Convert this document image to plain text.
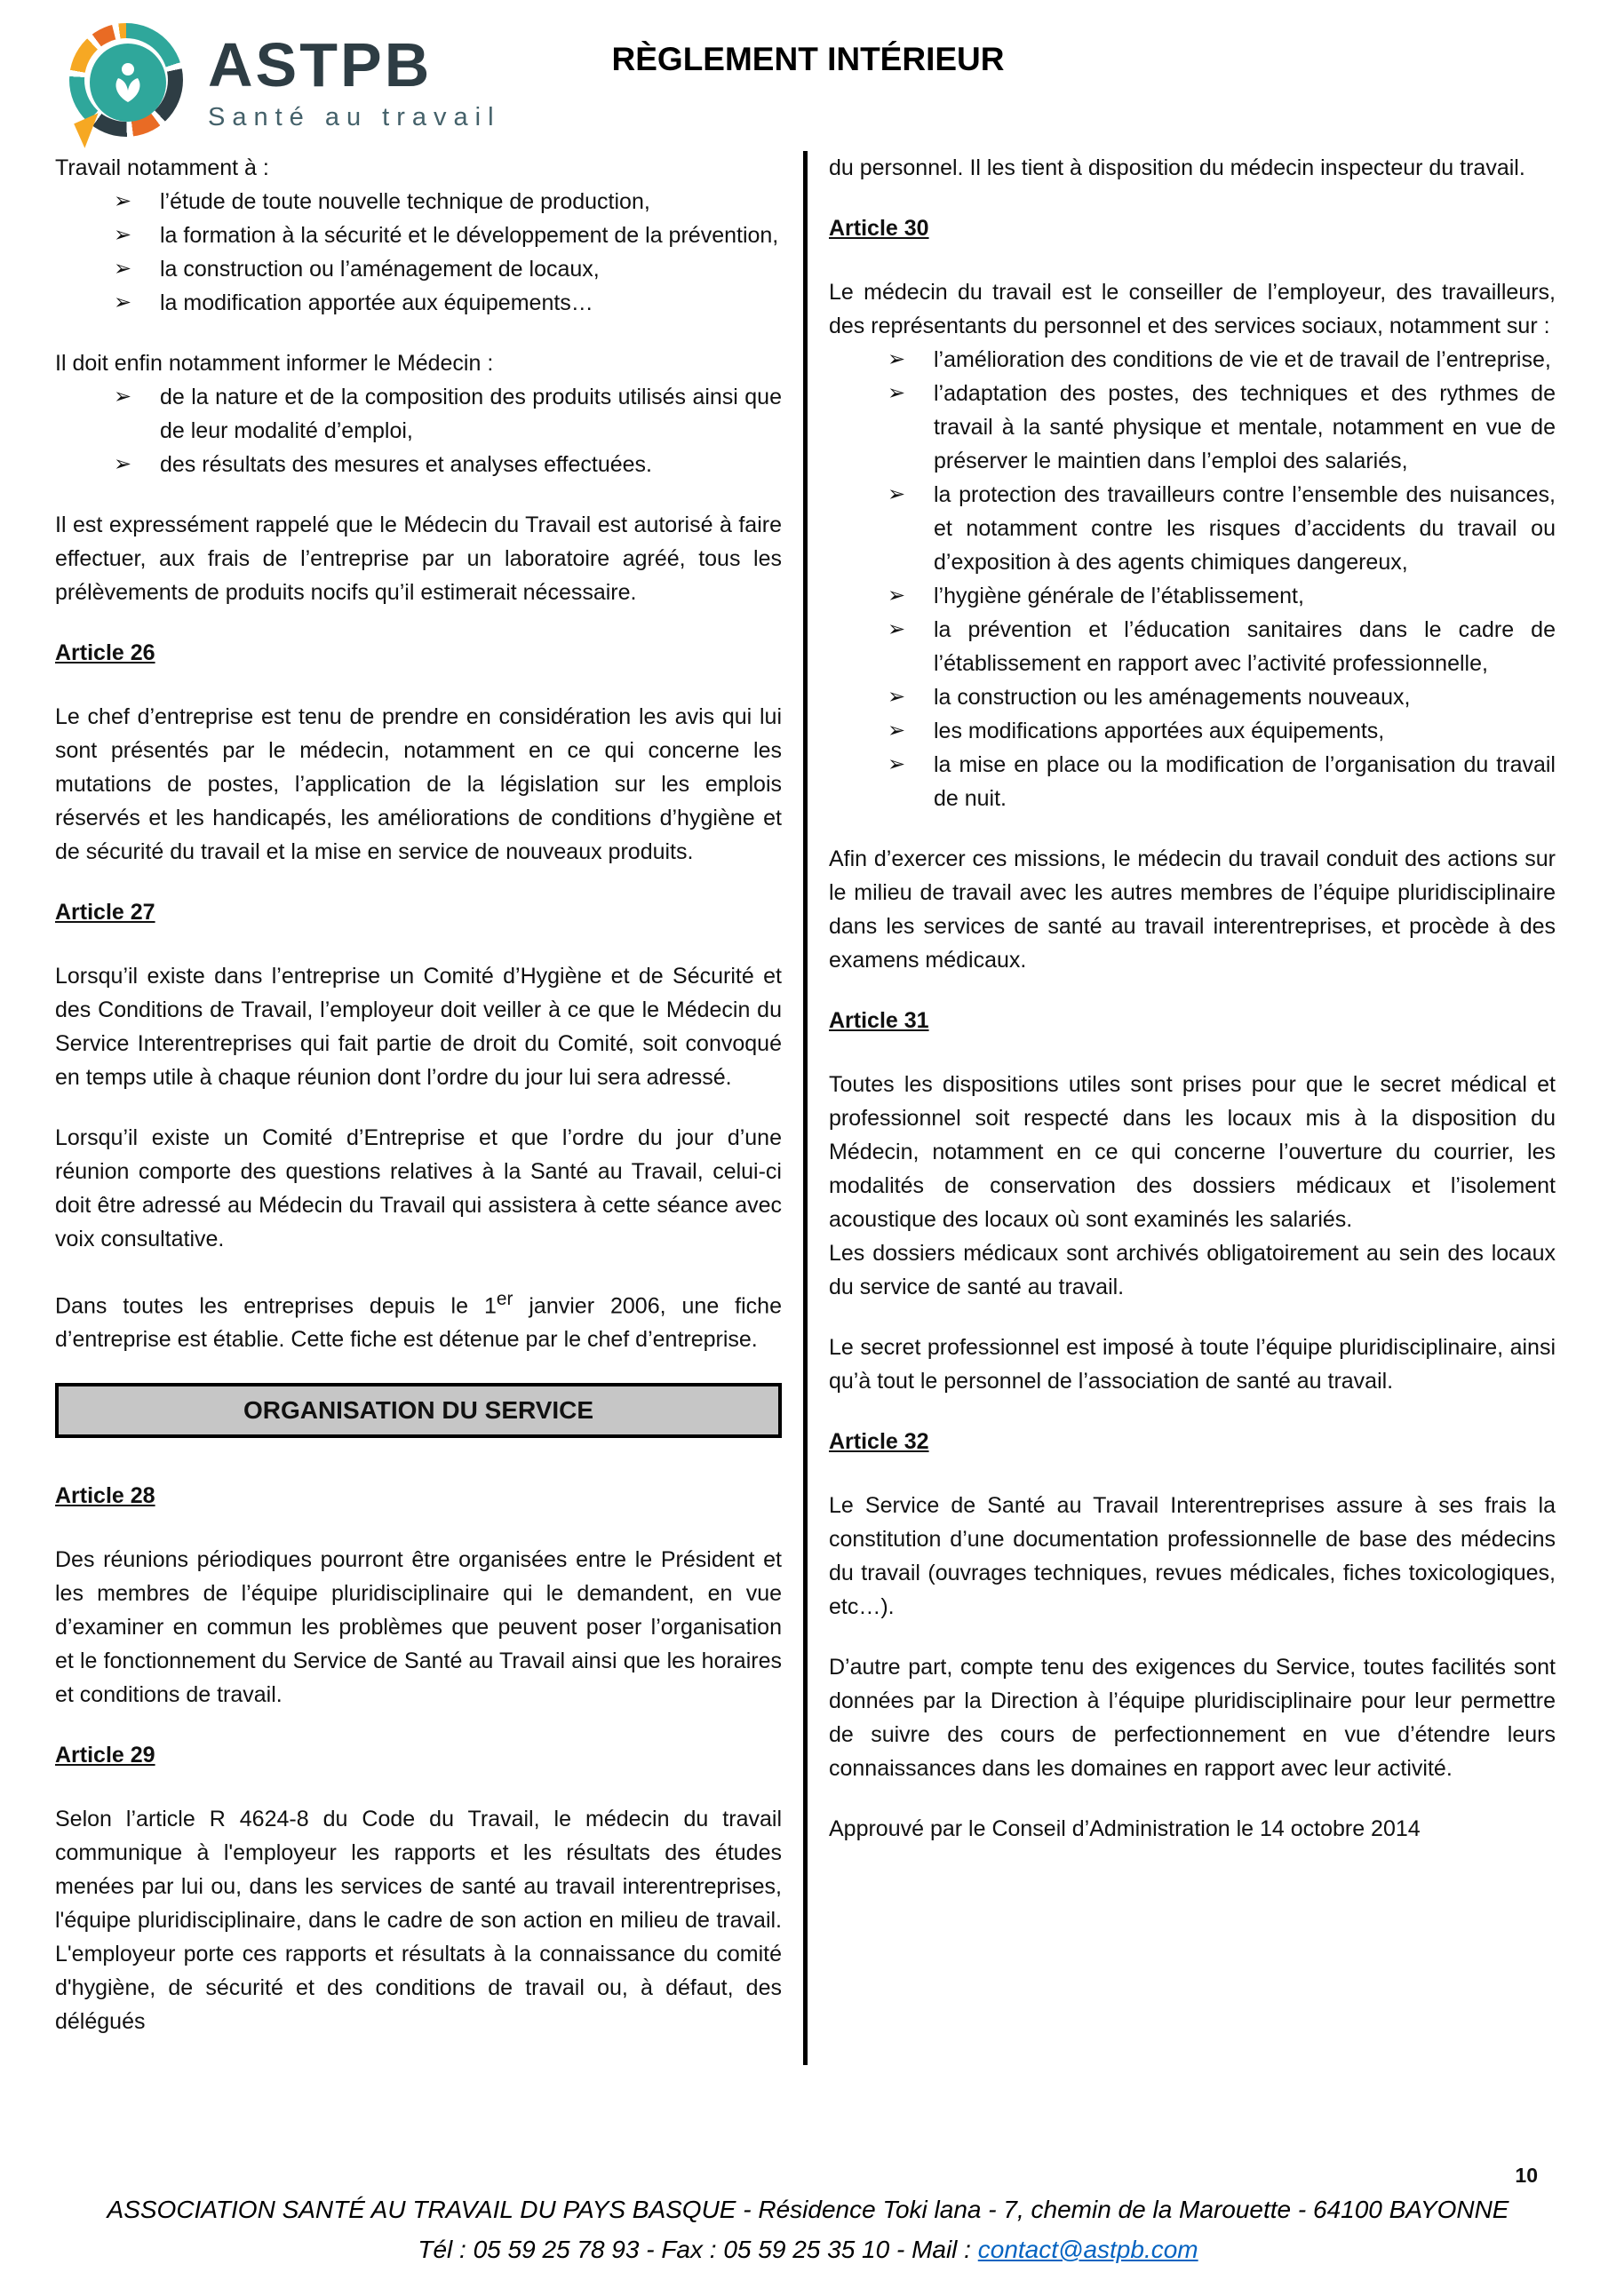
ASTPB
Santé au travail
RÈGLEMENT INTÉRIEUR

Travail notamment à :

➢ l’étude de toute nouvelle technique de production,
➢ la formation à la sécurité et le développement de la prévention,
➢ la construction ou l’aménagement de locaux,
➢ la modification apportée aux équipements…

Il doit enfin notamment informer le Médecin :

➢ de la nature et de la composition des produits utilisés ainsi que de leur modalité d’emploi,
➢ des résultats des mesures et analyses effectuées.

Il est expressément rappelé que le Médecin du Travail est autorisé à faire effectuer, aux frais de l’entreprise par un laboratoire agréé, tous les prélèvements de produits nocifs qu’il estimerait nécessaire.

Article 26

Le chef d’entreprise est tenu de prendre en considération les avis qui lui sont présentés par le médecin, notamment en ce qui concerne les mutations de postes, l’application de la législation sur les emplois réservés et les handicapés, les améliorations de conditions d’hygiène et de sécurité du travail et la mise en service de nouveaux produits.

Article 27

Lorsqu’il existe dans l’entreprise un Comité d’Hygiène et de Sécurité et des Conditions de Travail, l’employeur doit veiller à ce que le Médecin du Service Interentreprises qui fait partie de droit du Comité, soit convoqué en temps utile à chaque réunion dont l’ordre du jour lui sera adressé.

Lorsqu’il existe un Comité d’Entreprise et que l’ordre du jour d’une réunion comporte des questions relatives à la Santé au Travail, celui-ci doit être adressé au Médecin du Travail qui assistera à cette séance avec voix consultative.

Dans toutes les entreprises depuis le 1er janvier 2006, une fiche d’entreprise est établie. Cette fiche est détenue par le chef d’entreprise.

ORGANISATION DU SERVICE
Article 28

Des réunions périodiques pourront être organisées entre le Président et les membres de l’équipe pluridisciplinaire qui le demandent, en vue d’examiner en commun les problèmes que peuvent poser l’organisation et le fonctionnement du Service de Santé au Travail ainsi que les horaires et conditions de travail.

Article 29

Selon l’article R 4624-8 du Code du Travail, le médecin du travail communique à l'employeur les rapports et les résultats des études menées par lui ou, dans les services de santé au travail interentreprises, l'équipe pluridisciplinaire, dans le cadre de son action en milieu de travail. L'employeur porte ces rapports et résultats à la connaissance du comité d'hygiène, de sécurité et des conditions de travail ou, à défaut, des délégués

du personnel. Il les tient à disposition du médecin inspecteur du travail.

Article 30

Le médecin du travail est le conseiller de l’employeur, des travailleurs, des représentants du personnel et des services sociaux, notamment sur :

➢ l’amélioration des conditions de vie et de travail de l’entreprise,
➢ l’adaptation des postes, des techniques et des rythmes de travail à la santé physique et mentale, notamment en vue de préserver le maintien dans l’emploi des salariés,
➢ la protection des travailleurs contre l’ensemble des nuisances, et notamment contre les risques d’accidents du travail ou d’exposition à des agents chimiques dangereux,
➢ l’hygiène générale de l’établissement,
➢ la prévention et l’éducation sanitaires dans le cadre de l’établissement en rapport avec l’activité professionnelle,
➢ la construction ou les aménagements nouveaux,
➢ les modifications apportées aux équipements,
➢ la mise en place ou la modification de l’organisation du travail de nuit.

Afin d’exercer ces missions, le médecin du travail conduit des actions sur le milieu de travail avec les autres membres de l’équipe pluridisciplinaire dans les services de santé au travail interentreprises, et procède à des examens médicaux.

Article 31

Toutes les dispositions utiles sont prises pour que le secret médical et professionnel soit respecté dans les locaux mis à la disposition du Médecin, notamment en ce qui concerne l’ouverture du courrier, les modalités de conservation des dossiers médicaux et l’isolement acoustique des locaux où sont examinés les salariés.

Les dossiers médicaux sont archivés obligatoirement au sein des locaux du service de santé au travail.

Le secret professionnel est imposé à toute l’équipe pluridisciplinaire, ainsi qu’à tout le personnel de l’association de santé au travail.

Article 32

Le Service de Santé au Travail Interentreprises assure à ses frais la constitution d’une documentation professionnelle de base des médecins du travail (ouvrages techniques, revues médicales, fiches toxicologiques, etc…).

D’autre part, compte tenu des exigences du Service, toutes facilités sont données par la Direction à l’équipe pluridisciplinaire pour leur permettre de suivre des cours de perfectionnement en vue d’étendre leurs connaissances dans les domaines en rapport avec leur activité.

Approuvé par le Conseil d’Administration le 14 octobre 2014

10
ASSOCIATION SANTÉ AU TRAVAIL DU PAYS BASQUE - Résidence Toki lana - 7, chemin de la Marouette - 64100 BAYONNE
Tél : 05 59 25 78 93 - Fax : 05 59 25 35 10 - Mail : contact@astpb.com
